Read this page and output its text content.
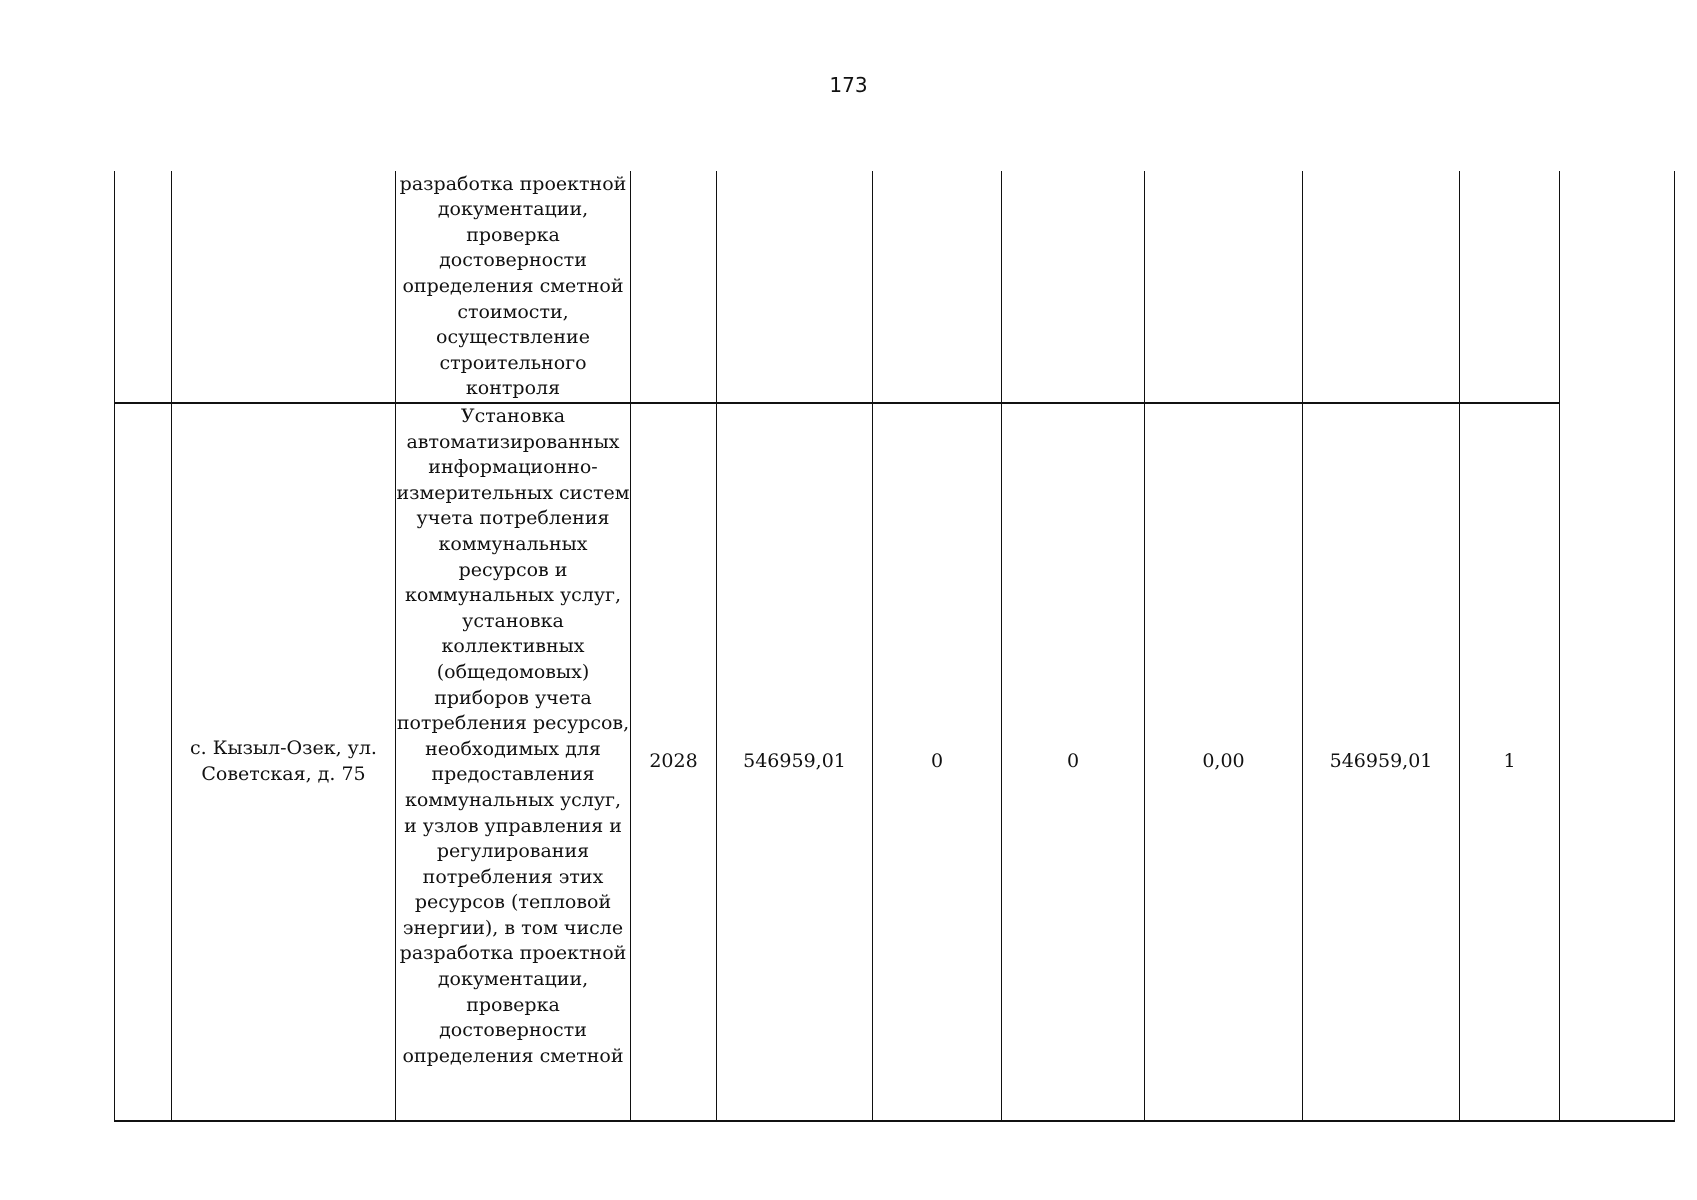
173

		разработка проектной документации, проверка достоверности определения сметной стоимости, осуществление строительного контроля								

	с. Кызыл-Озек, ул. Советская, д. 75	Установка автоматизированных информационно-измерительных систем учета потребления коммунальных ресурсов и коммунальных услуг, установка коллективных (общедомовых) приборов учета потребления ресурсов, необходимых для предоставления коммунальных услуг, и узлов управления и регулирования потребления этих ресурсов (тепловой энергии), в том числе разработка проектной документации, проверка достоверности определения сметной	2028	546959,01	0	0	0,00	546959,01	1	
